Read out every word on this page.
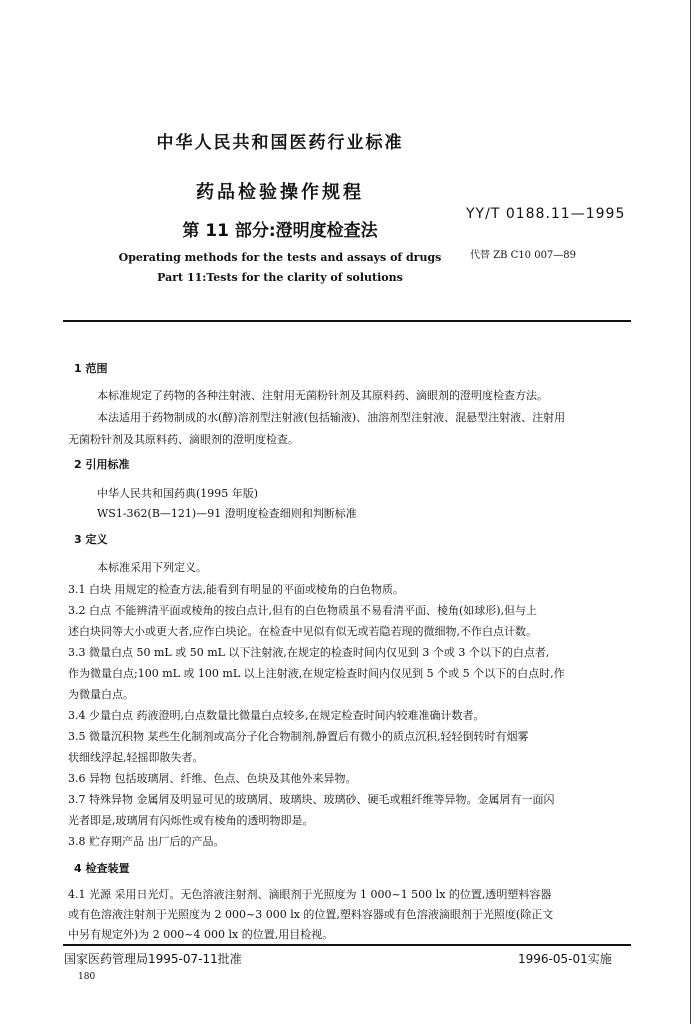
中华人民共和国医药行业标准
药品检验操作规程
第 11 部分:澄明度检查法
YY/T 0188.11—1995
代替 ZB C10 007—89
Operating methods for the tests and assays of drugs
Part 11:Tests for the clarity of solutions
1 范围
本标准规定了药物的各种注射液、注射用无菌粉针剂及其原料药、滴眼剂的澄明度检查方法。
本法适用于药物制成的水(醇)溶剂型注射液(包括输液)、油溶剂型注射液、混悬型注射液、注射用
无菌粉针剂及其原料药、滴眼剂的澄明度检查。
2 引用标准
中华人民共和国药典(1995 年版)
WS1-362(B—121)—91 澄明度检查细则和判断标准
3 定义
本标准采用下列定义。
3.1 白块 用规定的检查方法,能看到有明显的平面或棱角的白色物质。
3.2 白点 不能辨清平面或棱角的按白点计,但有的白色物质虽不易看清平面、棱角(如球形),但与上
述白块同等大小或更大者,应作白块论。在检查中见似有似无或若隐若现的微细物,不作白点计数。
3.3 微量白点 50 mL 或 50 mL 以下注射液,在规定的检查时间内仅见到 3 个或 3 个以下的白点者,
作为微量白点;100 mL 或 100 mL 以上注射液,在规定检查时间内仅见到 5 个或 5 个以下的白点时,作
为微量白点。
3.4 少量白点 药液澄明,白点数量比微量白点较多,在规定检查时间内较难准确计数者。
3.5 微量沉积物 某些生化制剂或高分子化合物制剂,静置后有微小的质点沉积,轻轻倒转时有烟雾
状细线浮起,轻摇即散失者。
3.6 异物 包括玻璃屑、纤维、色点、色块及其他外来异物。
3.7 特殊异物 金属屑及明显可见的玻璃屑、玻璃块、玻璃砂、硬毛或粗纤维等异物。金属屑有一面闪
光者即是,玻璃屑有闪烁性或有棱角的透明物即是。
3.8 贮存期产品 出厂后的产品。
4 检查装置
4.1 光源 采用日光灯。无色溶液注射剂、滴眼剂于光照度为 1 000~1 500 lx 的位置,透明塑料容器
或有色溶液注射剂于光照度为 2 000~3 000 lx 的位置,塑料容器或有色溶液滴眼剂于光照度(除正文
中另有规定外)为 2 000~4 000 lx 的位置,用目检视。
国家医药管理局1995-07-11批准	1996-05-01实施
180
